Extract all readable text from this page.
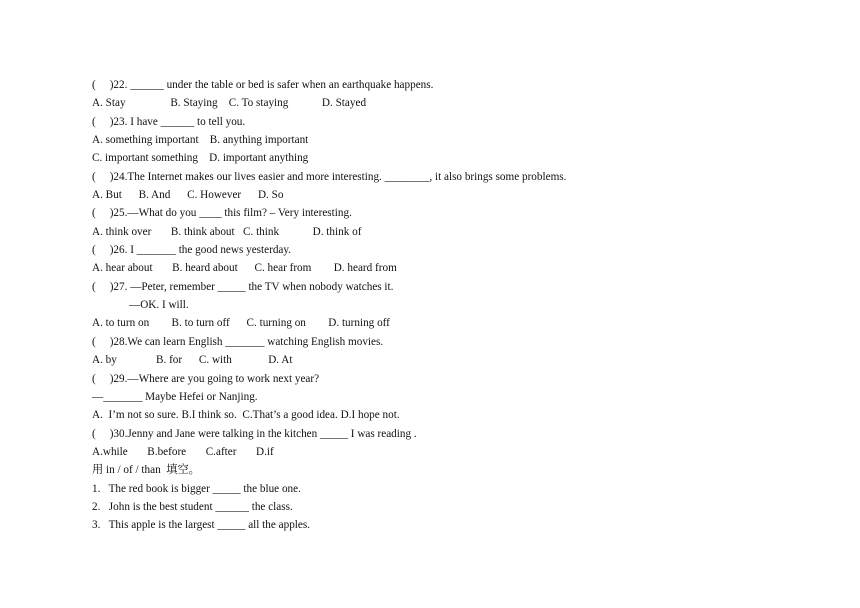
(     )22. ______ under the table or bed is safer when an earthquake happens.
A. Stay                B. Staying    C. To staying            D. Stayed
(     )23. I have ______ to tell you.
A. something important    B. anything important
C. important something    D. important anything
(     )24.The Internet makes our lives easier and more interesting. ________, it also brings some problems.
A. But      B. And      C. However      D. So
(     )25.—What do you ____ this film? – Very interesting.
A. think over       B. think about   C. think            D. think of
(     )26. I _______ the good news yesterday.
A. hear about       B. heard about      C. hear from        D. heard from
(     )27. —Peter, remember _____ the TV when nobody watches it.
—OK. I will.
A. to turn on        B. to turn off      C. turning on        D. turning off
(     )28.We can learn English _______ watching English movies.
A. by              B. for      C. with             D. At
(     )29.—Where are you going to work next year?
—_______ Maybe Hefei or Nanjing.
A.  I’m not so sure. B.I think so.  C.That’s a good idea. D.I hope not.
(     )30.Jenny and Jane were talking in the kitchen _____ I was reading .
A.while       B.before       C.after       D.if
用 in / of / than  填空。
1.   The red book is bigger _____ the blue one.
2.   John is the best student ______ the class.
3.   This apple is the largest _____ all the apples.
